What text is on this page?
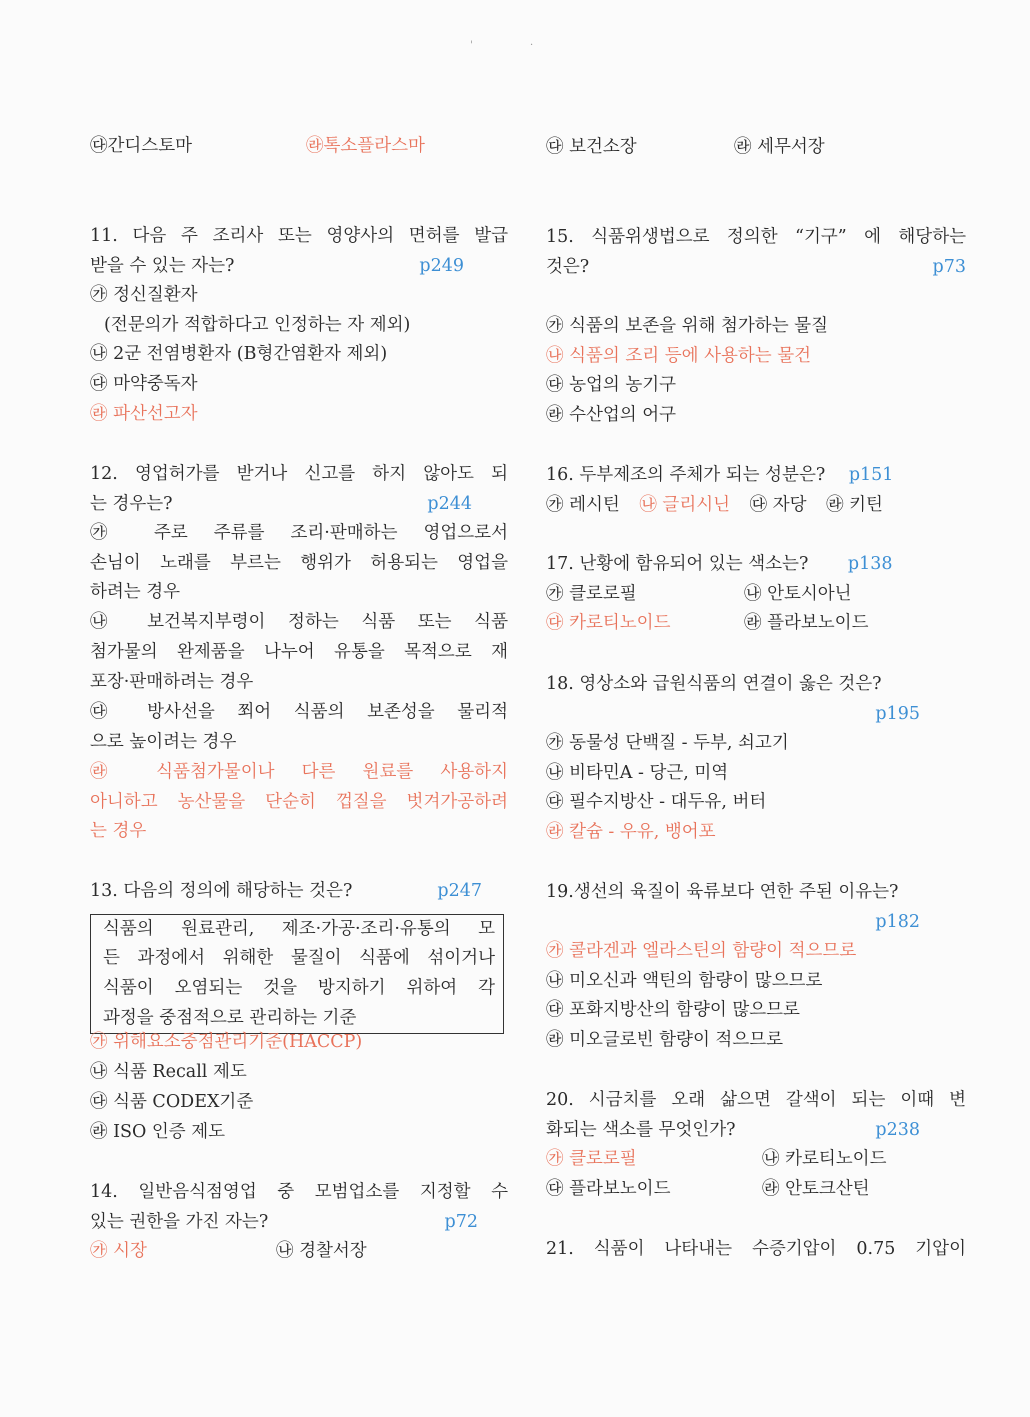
ꞌ	·
㉰간디스토마	㉱톡소플라스마
11. 다음 주 조리사 또는 영양사의 면허를 발급
받을 수 있는 자는?	p249
㉮ 정신질환자
(전문의가 적합하다고 인정하는 자 제외)
㉯ 2군 전염병환자 (B형간염환자 제외)
㉰ 마약중독자
㉱ 파산선고자
12. 영업허가를 받거나 신고를 하지 않아도 되
는 경우는?	p244
㉮ 주로 주류를 조리·판매하는 영업으로서
손님이 노래를 부르는 행위가 허용되는 영업을
하려는 경우
㉯ 보건복지부령이 정하는 식품 또는 식품
첨가물의 완제품을 나누어 유통을 목적으로 재
포장·판매하려는 경우
㉰ 방사선을 쬐어 식품의 보존성을 물리적
으로 높이려는 경우
㉱ 식품첨가물이나 다른 원료를 사용하지
아니하고 농산물을 단순히 껍질을 벗겨가공하려
는 경우
13. 다음의 정의에 해당하는 것은?	p247
식품의 원료관리, 제조·가공·조리·유통의 모
든 과정에서 위해한 물질이 식품에 섞이거나
식품이 오염되는 것을 방지하기 위하여 각
과정을 중점적으로 관리하는 기준
㉮ 위해요소중점관리기준(HACCP)
㉯ 식품 Recall 제도
㉰ 식품 CODEX기준
㉱ ISO 인증 제도
14. 일반음식점영업 중 모범업소를 지정할 수
있는 권한을 가진 자는?	p72
㉮ 시장	㉯ 경찰서장
㉰ 보건소장	㉱ 세무서장
15. 식품위생법으로 정의한 “기구” 에 해당하는
것은?	p73
㉮ 식품의 보존을 위해 첨가하는 물질
㉯ 식품의 조리 등에 사용하는 물건
㉰ 농업의 농기구
㉱ 수산업의 어구
16. 두부제조의 주체가 되는 성분은? p151
㉮ 레시틴 ㉯ 글리시닌 ㉰ 자당 ㉱ 키틴
17. 난황에 함유되어 있는 색소는? p138
㉮ 클로로필	㉯ 안토시아닌
㉰ 카로티노이드	㉱ 플라보노이드
18. 영상소와 급원식품의 연결이 옳은 것은?
p195
㉮ 동물성 단백질 - 두부, 쇠고기
㉯ 비타민A - 당근, 미역
㉰ 필수지방산 - 대두유, 버터
㉱ 칼슘 - 우유, 뱅어포
19.생선의 육질이 육류보다 연한 주된 이유는?
p182
㉮ 콜라겐과 엘라스틴의 함량이 적으므로
㉯ 미오신과 액틴의 함량이 많으므로
㉰ 포화지방산의 함량이 많으므로
㉱ 미오글로빈 함량이 적으므로
20. 시금치를 오래 삶으면 갈색이 되는 이때 변
화되는 색소를 무엇인가?	p238
㉮ 클로로필	㉯ 카로티노이드
㉰ 플라보노이드	㉱ 안토크산틴
21. 식품이 나타내는 수증기압이 0.75 기압이
